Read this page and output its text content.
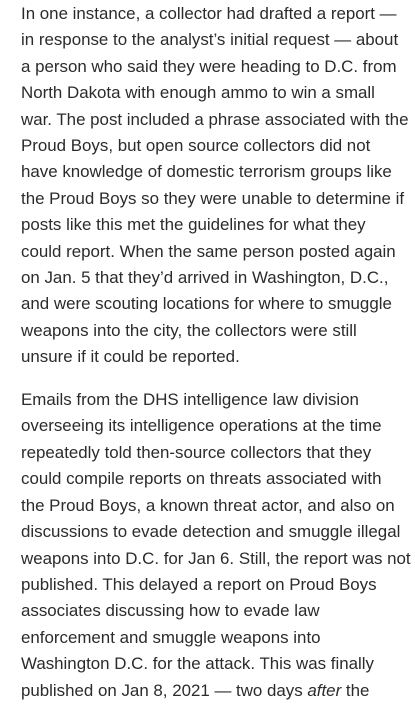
In one instance, a collector had drafted a report —
in response to the analyst’s initial request — about
a person who said they were heading to D.C. from
North Dakota with enough ammo to win a small
war. The post included a phrase associated with the
Proud Boys, but open source collectors did not
have knowledge of domestic terrorism groups like
the Proud Boys so they were unable to determine if
posts like this met the guidelines for what they
could report. When the same person posted again
on Jan. 5 that they’d arrived in Washington, D.C.,
and were scouting locations for where to smuggle
weapons into the city, the collectors were still
unsure if it could be reported.

Emails from the DHS intelligence law division
overseeing its intelligence operations at the time
repeatedly told then-source collectors that they
could compile reports on threats associated with
the Proud Boys, a known threat actor, and also on
discussions to evade detection and smuggle illegal
weapons into D.C. for Jan 6. Still, the report was not
published. This delayed a report on Proud Boys
associates discussing how to evade law
enforcement and smuggle weapons into
Washington D.C. for the attack. This was finally
published on Jan 8, 2021 — two days after the
